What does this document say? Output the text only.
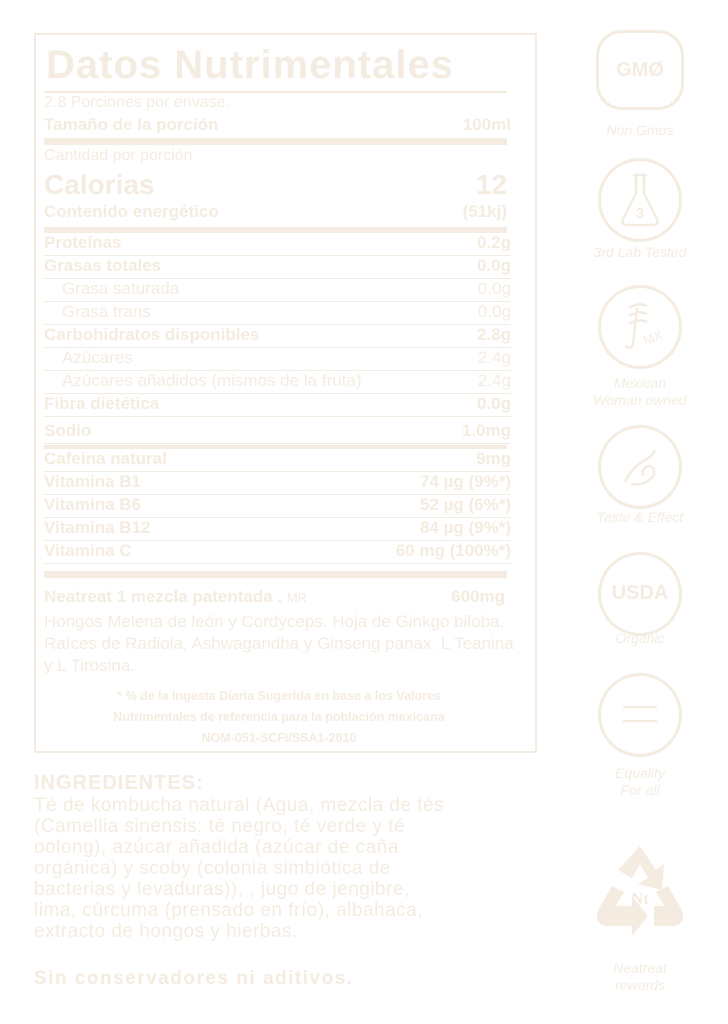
Datos Nutrimentales
2.8 Porciones por envase.
Tamaño de la porción	100ml
Cantidad por porción
Calorias	12
Contenido energético	(51kj)
Proteínas	0.2g
Grasas totales	0.0g
Grasa saturada	0.0g
Grasa trans	0.0g
Carbohidratos disponibles	2.8g
Azúcares	2.4g
Azúcares añadidos (mismos de la fruta)	2.4g
Fibra dietética	0.0g
Sodio	1.0mg
Cafeína natural	9mg
Vitamina B1	74 µg (9%*)
Vitamina B6	52 µg (6%*)
Vitamina B12	84 µg (9%*)
Vitamina C	60 mg (100%*)
Neatreat 1 mezcla patentada . MR	600mg
Hongos Melena de león y Cordyceps. Hoja de Ginkgo biloba. Raíces de Radiola, Ashwagandha y Ginseng panax. L Teanina y L Tirosina.
* % de la Ingesta Diaria Sugerida en base a los Valores
Nutrimentales de referencia para la población mexicana
NOM-051-SCFI/SSA1-2010
INGREDIENTES:
Té de kombucha natural (Agua, mezcla de tés
(Camellia sinensis: té negro, té verde y té
oolong), azúcar añadida (azúcar de caña
orgánica) y scoby (colonia simbiótica de
bacterias y levaduras)), , jugo de jengibre,
lima, cúrcuma (prensado en frío), albahaca,
extracto de hongos y hierbas.
Sin conservadores ni aditivos.
GMØ
Non Gmos
3
3rd Lab Tested
MX
Mexican
Woman owned
Taste & Effect
USDA
Organic
Equality
For all
Nt
Neatreat
rewards
